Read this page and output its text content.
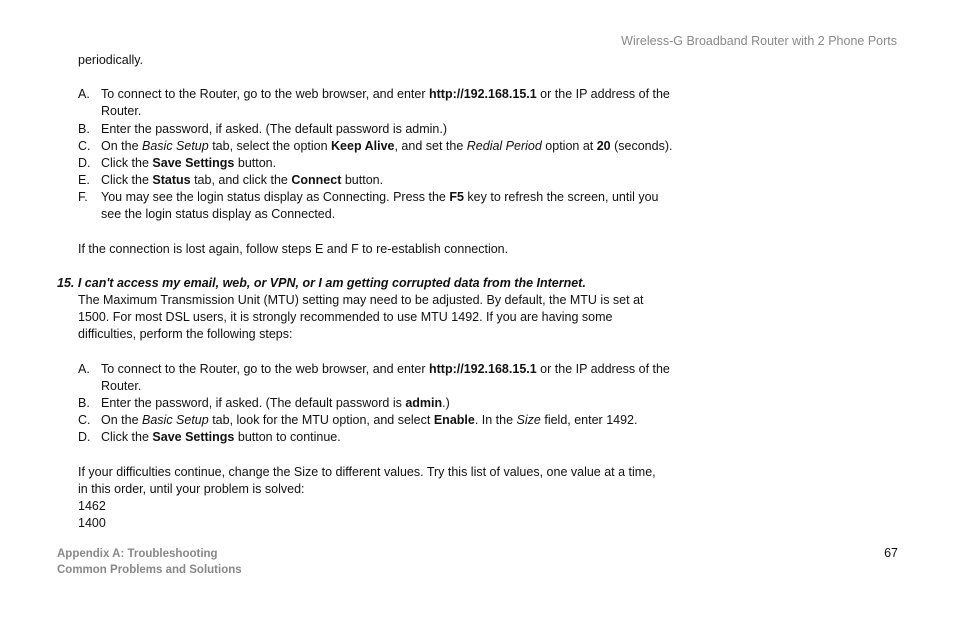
Wireless-G Broadband Router with 2 Phone Ports
periodically.
A. To connect to the Router, go to the web browser, and enter http://192.168.15.1 or the IP address of the Router.
B. Enter the password, if asked. (The default password is admin.)
C. On the Basic Setup tab, select the option Keep Alive, and set the Redial Period option at 20 (seconds).
D. Click the Save Settings button.
E. Click the Status tab, and click the Connect button.
F.	You may see the login status display as Connecting. Press the F5 key to refresh the screen, until you see the login status display as Connected.
If the connection is lost again, follow steps E and F to re-establish connection.
15. I can't access my email, web, or VPN, or I am getting corrupted data from the Internet.
The Maximum Transmission Unit (MTU) setting may need to be adjusted. By default, the MTU is set at 1500. For most DSL users, it is strongly recommended to use MTU 1492. If you are having some difficulties, perform the following steps:
A. To connect to the Router, go to the web browser, and enter http://192.168.15.1 or the IP address of the Router.
B. Enter the password, if asked. (The default password is admin.)
C. On the Basic Setup tab, look for the MTU option, and select Enable. In the Size field, enter 1492.
D. Click the Save Settings button to continue.
If your difficulties continue, change the Size to different values. Try this list of values, one value at a time, in this order, until your problem is solved:
1462
1400
Appendix A: Troubleshooting
Common Problems and Solutions
67
